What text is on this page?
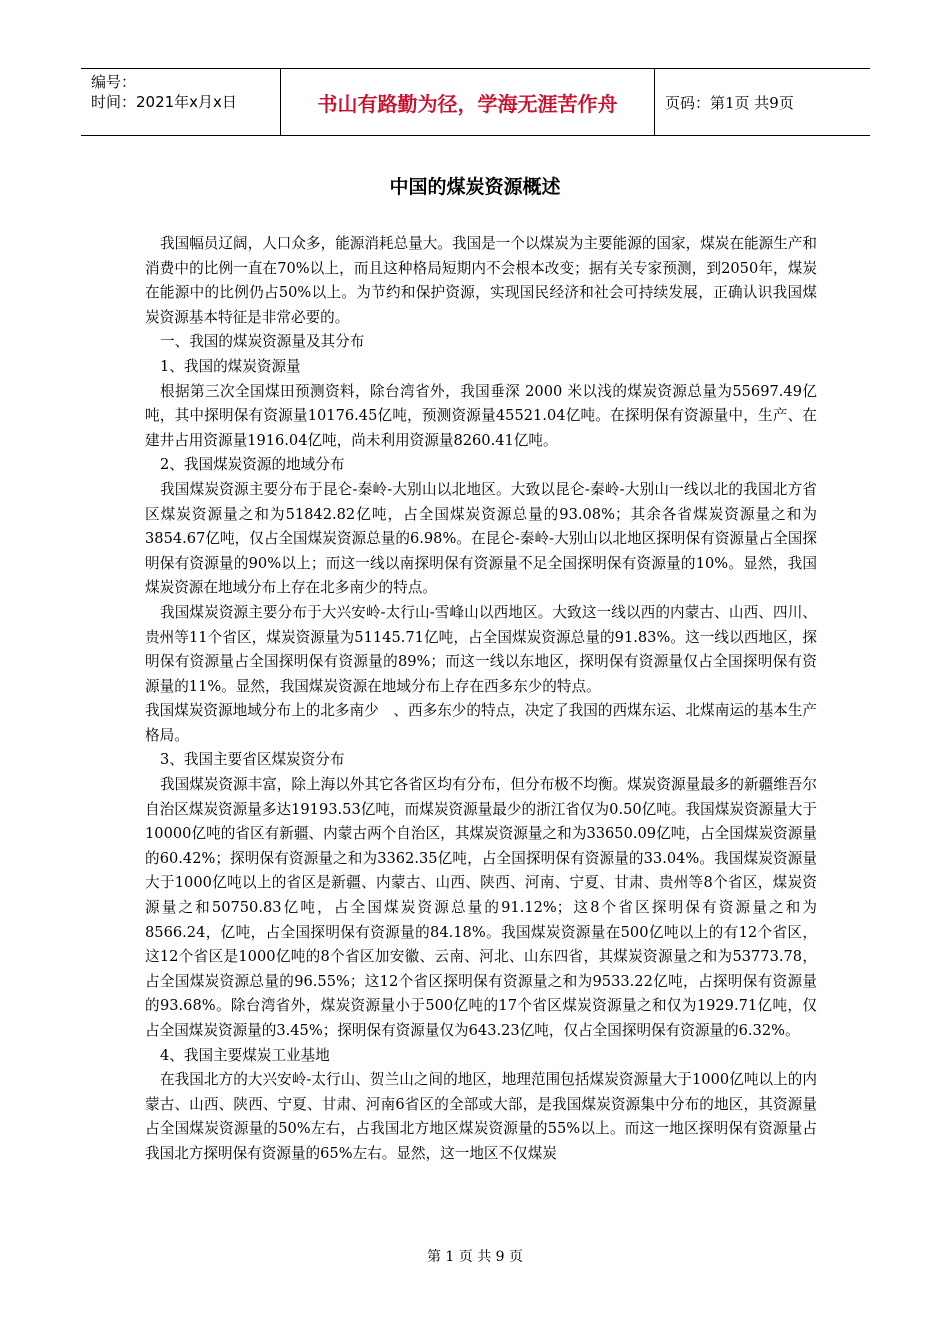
编号：
时间：2021年x月x日	书山有路勤为径，学海无涯苦作舟	页码：第1页 共9页
中国的煤炭资源概述

我国幅员辽阔，人口众多，能源消耗总量大。我国是一个以煤炭为主要能源的国家，煤炭在能源生产和消费中的比例一直在70%以上，而且这种格局短期内不会根本改变；据有关专家预测，到2050年，煤炭在能源中的比例仍占50%以上。为节约和保护资源，实现国民经济和社会可持续发展，正确认识我国煤炭资源基本特征是非常必要的。

一、我国的煤炭资源量及其分布

1、我国的煤炭资源量

根据第三次全国煤田预测资料，除台湾省外，我国垂深 2000 米以浅的煤炭资源总量为55697.49亿吨，其中探明保有资源量10176.45亿吨，预测资源量45521.04亿吨。在探明保有资源量中，生产、在建井占用资源量1916.04亿吨，尚未利用资源量8260.41亿吨。

2、我国煤炭资源的地域分布

我国煤炭资源主要分布于昆仑-秦岭-大别山以北地区。大致以昆仑-秦岭-大别山一线以北的我国北方省区煤炭资源量之和为51842.82亿吨，占全国煤炭资源总量的93.08%；其余各省煤炭资源量之和为3854.67亿吨，仅占全国煤炭资源总量的6.98%。在昆仑-秦岭-大别山以北地区探明保有资源量占全国探明保有资源量的90%以上；而这一线以南探明保有资源量不足全国探明保有资源量的10%。显然，我国煤炭资源在地域分布上存在北多南少的特点。

我国煤炭资源主要分布于大兴安岭-太行山-雪峰山以西地区。大致这一线以西的内蒙古、山西、四川、贵州等11个省区，煤炭资源量为51145.71亿吨，占全国煤炭资源总量的91.83%。这一线以西地区，探明保有资源量占全国探明保有资源量的89%；而这一线以东地区，探明保有资源量仅占全国探明保有资源量的11%。显然，我国煤炭资源在地域分布上存在西多东少的特点。

我国煤炭资源地域分布上的北多南少　、西多东少的特点，决定了我国的西煤东运、北煤南运的基本生产格局。

3、我国主要省区煤炭资分布

我国煤炭资源丰富，除上海以外其它各省区均有分布，但分布极不均衡。煤炭资源量最多的新疆维吾尔自治区煤炭资源量多达19193.53亿吨，而煤炭资源量最少的浙江省仅为0.50亿吨。我国煤炭资源量大于10000亿吨的省区有新疆、内蒙古两个自治区，其煤炭资源量之和为33650.09亿吨，占全国煤炭资源量的60.42%；探明保有资源量之和为3362.35亿吨，占全国探明保有资源量的33.04%。我国煤炭资源量大于1000亿吨以上的省区是新疆、内蒙古、山西、陕西、河南、宁夏、甘肃、贵州等8个省区，煤炭资源量之和50750.83亿吨，占全国煤炭资源总量的91.12%；这8个省区探明保有资源量之和为8566.24，亿吨，占全国探明保有资源量的84.18%。我国煤炭资源量在500亿吨以上的有12个省区，这12个省区是1000亿吨的8个省区加安徽、云南、河北、山东四省，其煤炭资源量之和为53773.78，占全国煤炭资源总量的96.55%；这12个省区探明保有资源量之和为9533.22亿吨，占探明保有资源量的93.68%。除台湾省外，煤炭资源量小于500亿吨的17个省区煤炭资源量之和仅为1929.71亿吨，仅占全国煤炭资源量的3.45%；探明保有资源量仅为643.23亿吨，仅占全国探明保有资源量的6.32%。

4、我国主要煤炭工业基地

在我国北方的大兴安岭-太行山、贺兰山之间的地区，地理范围包括煤炭资源量大于1000亿吨以上的内蒙古、山西、陕西、宁夏、甘肃、河南6省区的全部或大部，是我国煤炭资源集中分布的地区，其资源量占全国煤炭资源量的50%左右，占我国北方地区煤炭资源量的55%以上。而这一地区探明保有资源量占我国北方探明保有资源量的65%左右。显然，这一地区不仅煤炭

第 1 页 共 9 页
